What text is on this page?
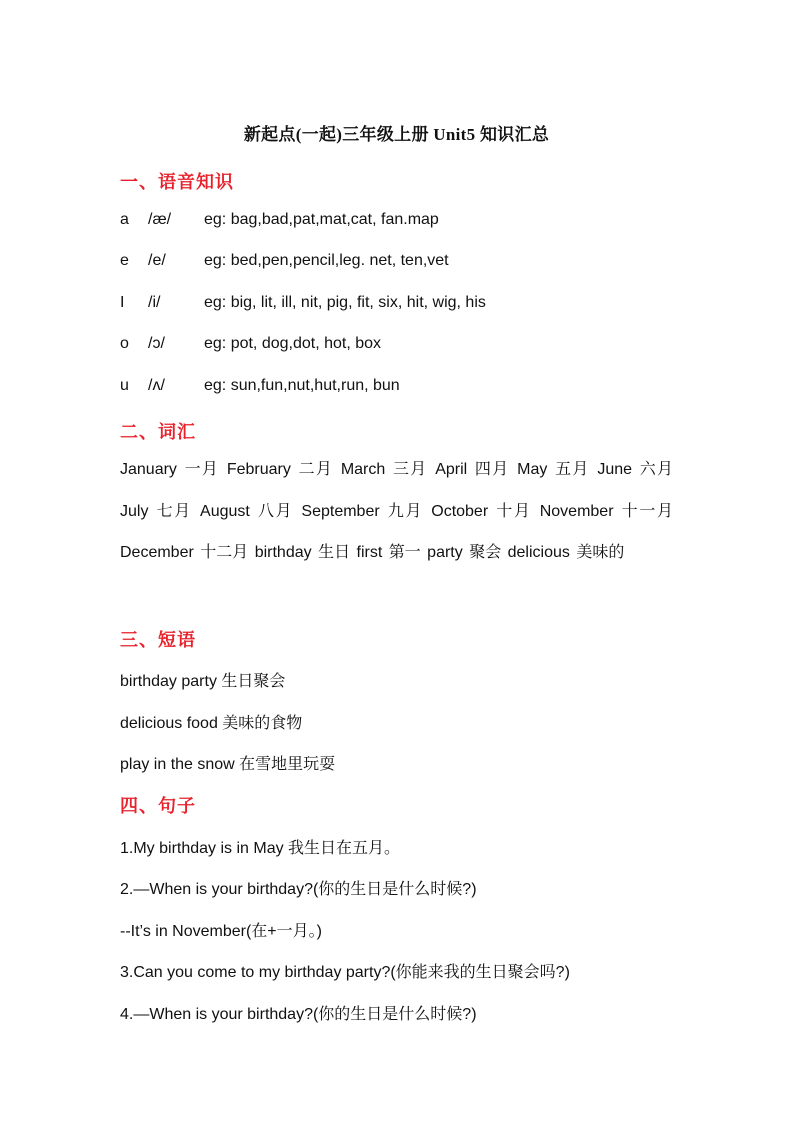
新起点(一起)三年级上册 Unit5 知识汇总
一、语音知识
a /æ/ eg: bag,bad,pat,mat,cat, fan.map
e /e/ eg: bed,pen,pencil,leg. net, ten,vet
I /i/	eg: big, lit, ill, nit, pig, fit, six, hit, wig, his
o /ɔ/ eg: pot, dog,dot, hot, box
u /ʌ/ eg: sun,fun,nut,hut,run, bun
二、词汇
January 一月 February 二月 March 三月 April 四月 May 五月 June 六月 July 七月 August 八月 September 九月 October 十月 November 十一月 December 十二月 birthday 生日 first 第一 party 聚会 delicious 美味的
三、短语
birthday party 生日聚会
delicious food 美味的食物
play in the snow 在雪地里玩耍
四、句子
1.My birthday is in May 我生日在五月。
2.—When is your birthday?(你的生日是什么时候?)
--It’s in November(在+一月。)
3.Can you come to my birthday party?(你能来我的生日聚会吗?)
4.—When is your birthday?(你的生日是什么时候?)
